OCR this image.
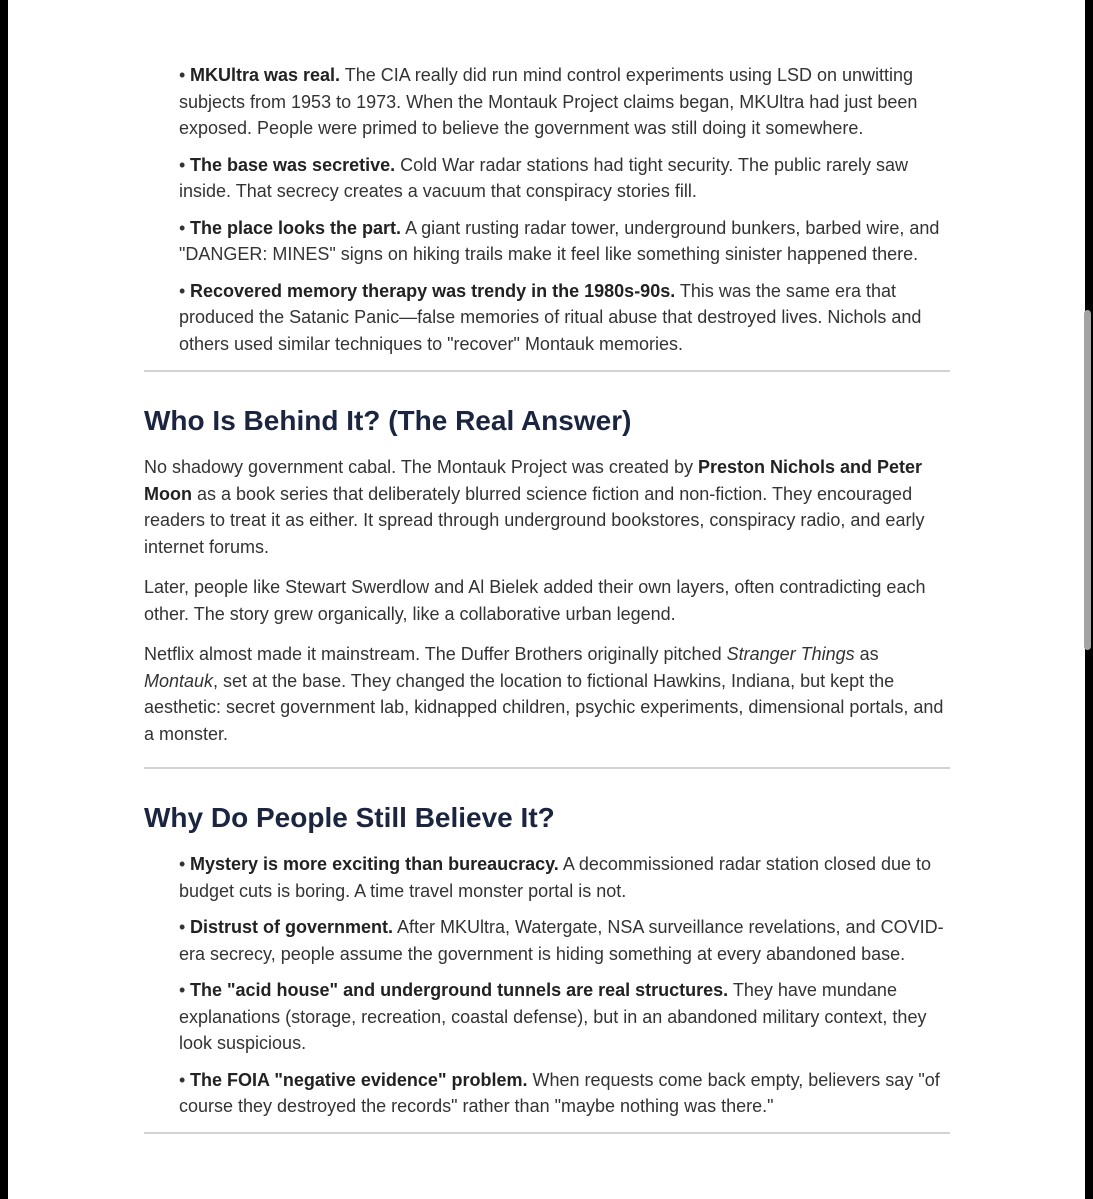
• MKUltra was real. The CIA really did run mind control experiments using LSD on unwitting subjects from 1953 to 1973. When the Montauk Project claims began, MKUltra had just been exposed. People were primed to believe the government was still doing it somewhere.
• The base was secretive. Cold War radar stations had tight security. The public rarely saw inside. That secrecy creates a vacuum that conspiracy stories fill.
• The place looks the part. A giant rusting radar tower, underground bunkers, barbed wire, and "DANGER: MINES" signs on hiking trails make it feel like something sinister happened there.
• Recovered memory therapy was trendy in the 1980s-90s. This was the same era that produced the Satanic Panic—false memories of ritual abuse that destroyed lives. Nichols and others used similar techniques to "recover" Montauk memories.
Who Is Behind It? (The Real Answer)

No shadowy government cabal. The Montauk Project was created by Preston Nichols and Peter Moon as a book series that deliberately blurred science fiction and non-fiction. They encouraged readers to treat it as either. It spread through underground bookstores, conspiracy radio, and early internet forums.

Later, people like Stewart Swerdlow and Al Bielek added their own layers, often contradicting each other. The story grew organically, like a collaborative urban legend.

Netflix almost made it mainstream. The Duffer Brothers originally pitched Stranger Things as Montauk, set at the base. They changed the location to fictional Hawkins, Indiana, but kept the aesthetic: secret government lab, kidnapped children, psychic experiments, dimensional portals, and a monster.

Why Do People Still Believe It?
• Mystery is more exciting than bureaucracy. A decommissioned radar station closed due to budget cuts is boring. A time travel monster portal is not.
• Distrust of government. After MKUltra, Watergate, NSA surveillance revelations, and COVID-era secrecy, people assume the government is hiding something at every abandoned base.
• The "acid house" and underground tunnels are real structures. They have mundane explanations (storage, recreation, coastal defense), but in an abandoned military context, they look suspicious.
• The FOIA "negative evidence" problem. When requests come back empty, believers say "of course they destroyed the records" rather than "maybe nothing was there."
